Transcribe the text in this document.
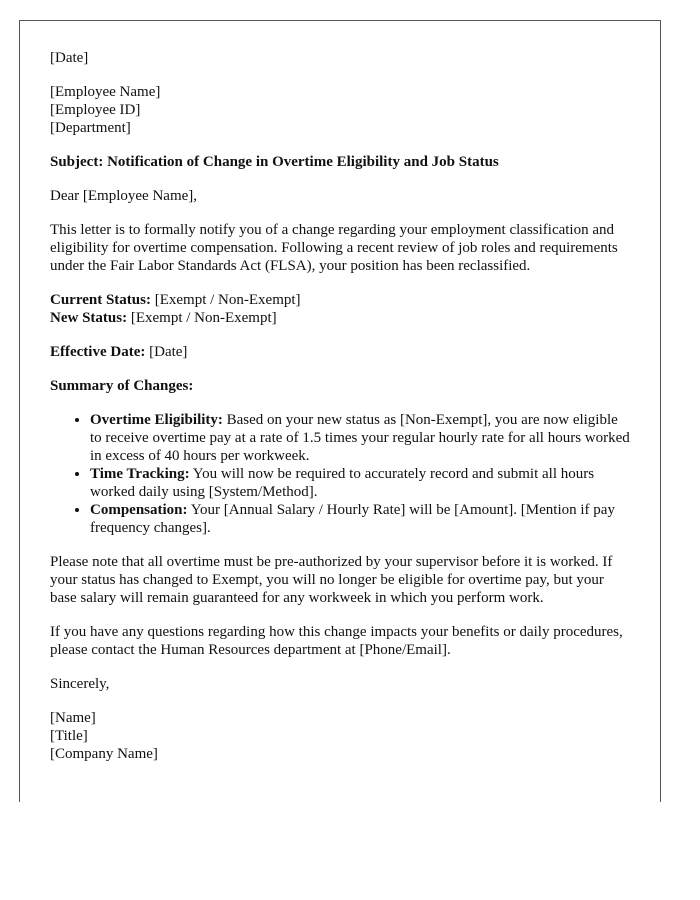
[Date]

[Employee Name]
[Employee ID]
[Department]

Subject: Notification of Change in Overtime Eligibility and Job Status

Dear [Employee Name],

This letter is to formally notify you of a change regarding your employment classification and eligibility for overtime compensation. Following a recent review of job roles and requirements under the Fair Labor Standards Act (FLSA), your position has been reclassified.

Current Status: [Exempt / Non-Exempt]
New Status: [Exempt / Non-Exempt]

Effective Date: [Date]

Summary of Changes:

• Overtime Eligibility: Based on your new status as [Non-Exempt], you are now eligible to receive overtime pay at a rate of 1.5 times your regular hourly rate for all hours worked in excess of 40 hours per workweek.
• Time Tracking: You will now be required to accurately record and submit all hours worked daily using [System/Method].
• Compensation: Your [Annual Salary / Hourly Rate] will be [Amount]. [Mention if pay frequency changes].

Please note that all overtime must be pre-authorized by your supervisor before it is worked. If your status has changed to Exempt, you will no longer be eligible for overtime pay, but your base salary will remain guaranteed for any workweek in which you perform work.

If you have any questions regarding how this change impacts your benefits or daily procedures, please contact the Human Resources department at [Phone/Email].

Sincerely,

[Name]
[Title]
[Company Name]
